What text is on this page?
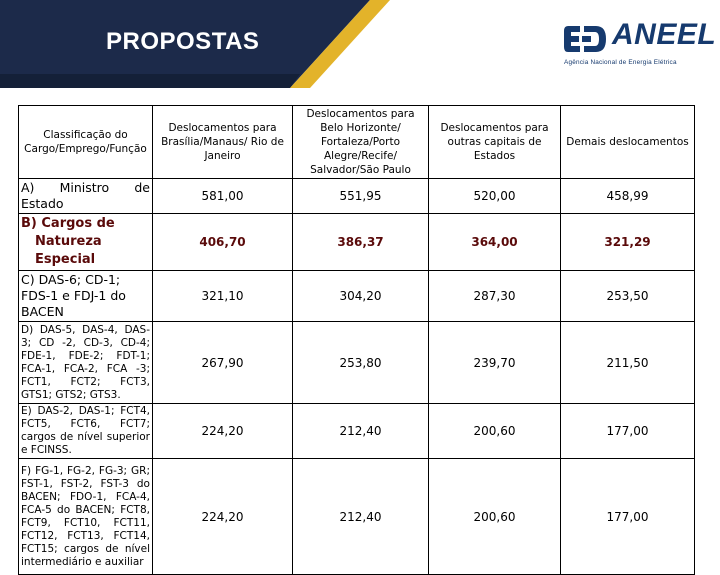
PROPOSTAS	ANEEL
Agência Nacional de Energia Elétrica
Classificação do Cargo/Emprego/Função	Deslocamentos para Brasília/Manaus/ Rio de Janeiro	Deslocamentos para Belo Horizonte/ Fortaleza/Porto Alegre/Recife/ Salvador/São Paulo	Deslocamentos para outras capitais de Estados	Demais deslocamentos
A) Ministro de Estado	581,00	551,95	520,00	458,99
B) Cargos de
Natureza Especial	406,70	386,37	364,00	321,29
C) DAS-6; CD-1; FDS-1 e FDJ-1 do BACEN	321,10	304,20	287,30	253,50
D) DAS-5, DAS-4, DAS-3; CD -2, CD-3, CD-4; FDE-1, FDE-2; FDT-1; FCA-1, FCA-2, FCA -3; FCT1, FCT2; FCT3, GTS1; GTS2; GTS3.	267,90	253,80	239,70	211,50
E) DAS-2, DAS-1; FCT4, FCT5, FCT6, FCT7; cargos de nível superior e FCINSS.	224,20	212,40	200,60	177,00
F) FG-1, FG-2, FG-3; GR; FST-1, FST-2, FST-3 do BACEN; FDO-1, FCA-4, FCA-5 do BACEN; FCT8, FCT9, FCT10, FCT11, FCT12, FCT13, FCT14, FCT15; cargos de nível intermediário e auxiliar	224,20	212,40	200,60	177,00
